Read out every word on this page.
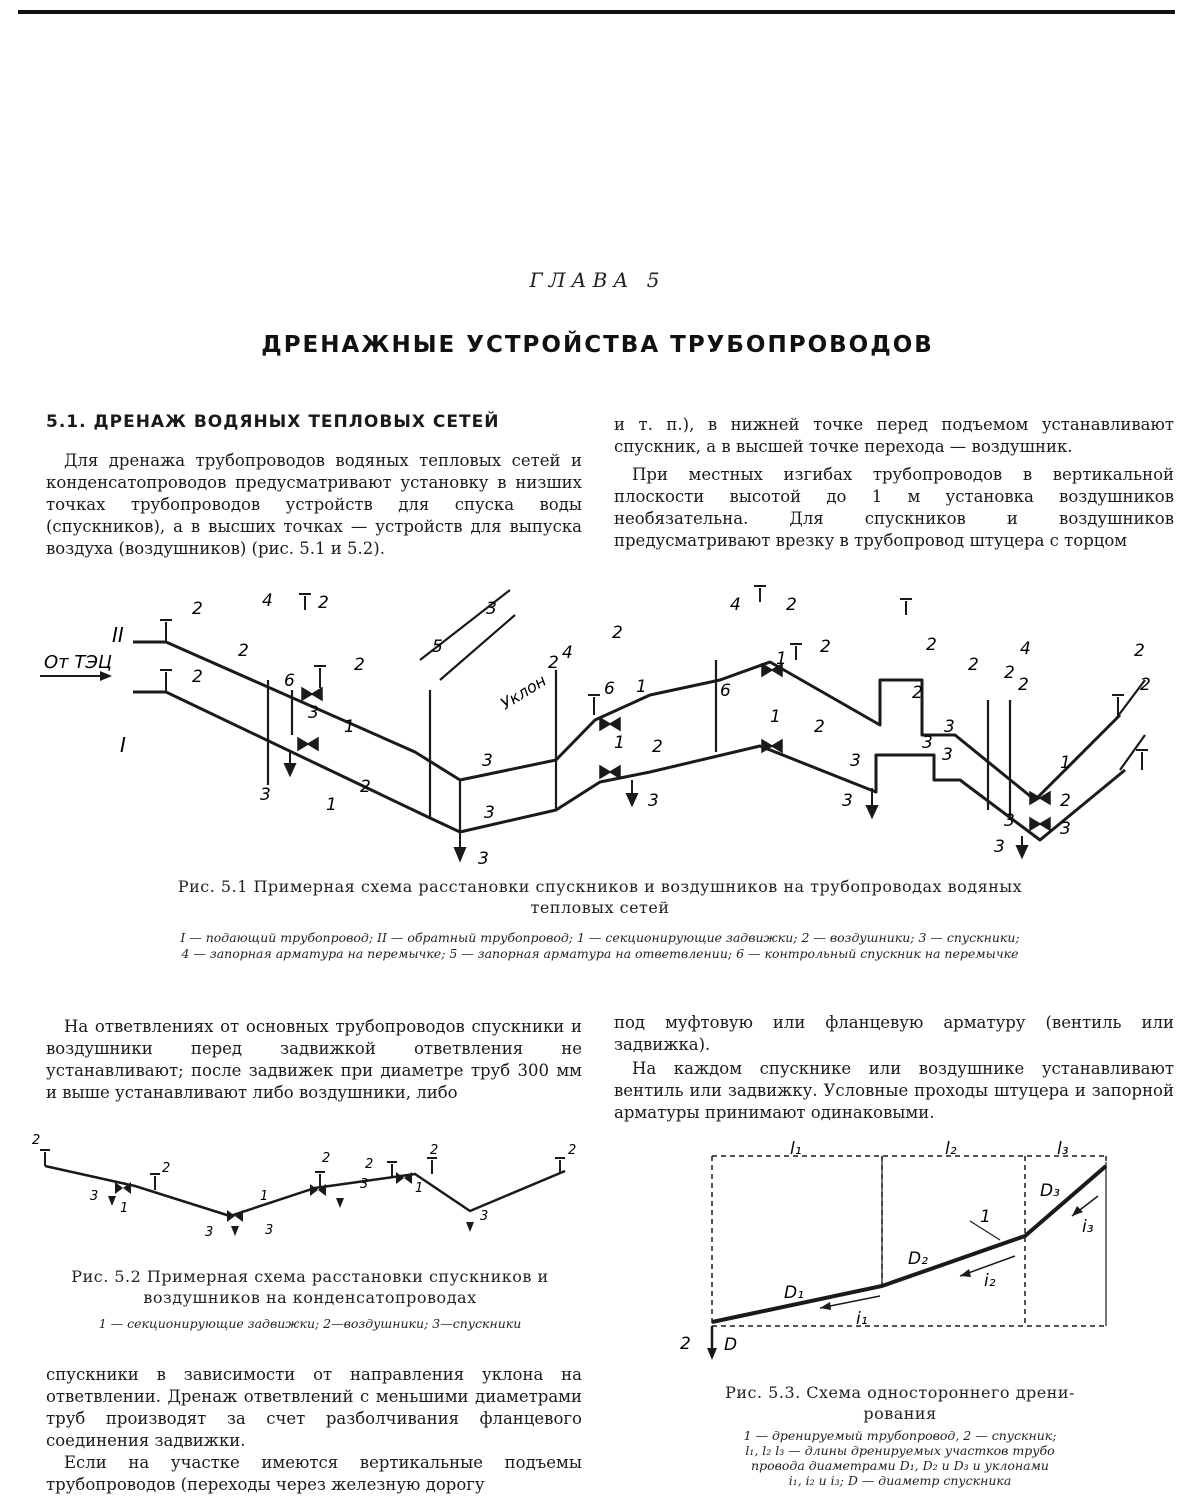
ГЛАВА 5
ДРЕНАЖНЫЕ УСТРОЙСТВА ТРУБОПРОВОДОВ
5.1. ДРЕНАЖ ВОДЯНЫХ ТЕПЛОВЫХ СЕТЕЙ

Для дренажа трубопроводов водяных тепловых сетей и конденсатопроводов предусматривают установку в низших точках трубопроводов устройств для спуска воды (спускников), а в высших точках — устройств для выпуска воздуха (воздушников) (рис. 5.1 и 5.2).

и т. п.), в нижней точке перед подъемом устанавливают спускник, а в высшей точке перехода — воздушник.

При местных изгибах трубопроводов в вертикальной плоскости высотой до 1 м установка воздушников необязательна. Для спускников и воздушников предусматривают врезку в трубопровод штуцера с торцом

От ТЭЦ
II
I
Уклон
2
2
4
2
2
6
2
1
3
3	2
1
5
3
3
3
3
2 4
2
6 1
1 2
3
4	2
6
1
2
1 2
3
3
2
2
2
3
3
3
4
2
2
2
2
1
2
3
3
3
Рис. 5.1 Примерная схема расстановки спускников и воздушников на трубопроводах водяных
тепловых сетей
I — подающий трубопровод; II — обратный трубопровод; 1 — секционирующие задвижки; 2 — воздушники; 3 — спускники;
4 — запорная арматура на перемычке; 5 — запорная арматура на ответвлении; 6 — контрольный спускник на перемычке

На ответвлениях от основных трубопроводов спускники и воздушники перед задвижкой ответвления не устанавливают; после задвижек при диаметре труб 300 мм и выше устанавливают либо воздушники, либо

под муфтовую или фланцевую арматуру (вентиль или задвижка).

На каждом спускнике или воздушнике устанавливают вентиль или задвижку. Условные проходы штуцера и запорной арматуры принимают одинаковыми.

2
2
3
1
3
1
3
2
3
2
2
1
3
2
Рис. 5.2 Примерная схема расстановки спускников и
воздушников на конденсатопроводах
1 — секционирующие задвижки; 2—воздушники; 3—спускники

спускники в зависимости от направления уклона на ответвлении. Дренаж ответвлений с меньшими диаметрами труб производят за счет разболчивания фланцевого соединения задвижки.

Если на участке имеются вертикальные подъемы трубопроводов (переходы через железную дорогу

l₁	l₂	l₃
D₁
D₂
D₃
i₁
i₂
i₃
1
2 D
Рис. 5.3. Схема одностороннего дрени-
рования
1 — дренируемый трубопровод, 2 — спускник;
l₁, l₂ l₃ — длины дренируемых участков трубо
провода диаметрами D₁, D₂ и D₃ и уклонами
i₁, i₂ и i₃; D — диаметр спускника
